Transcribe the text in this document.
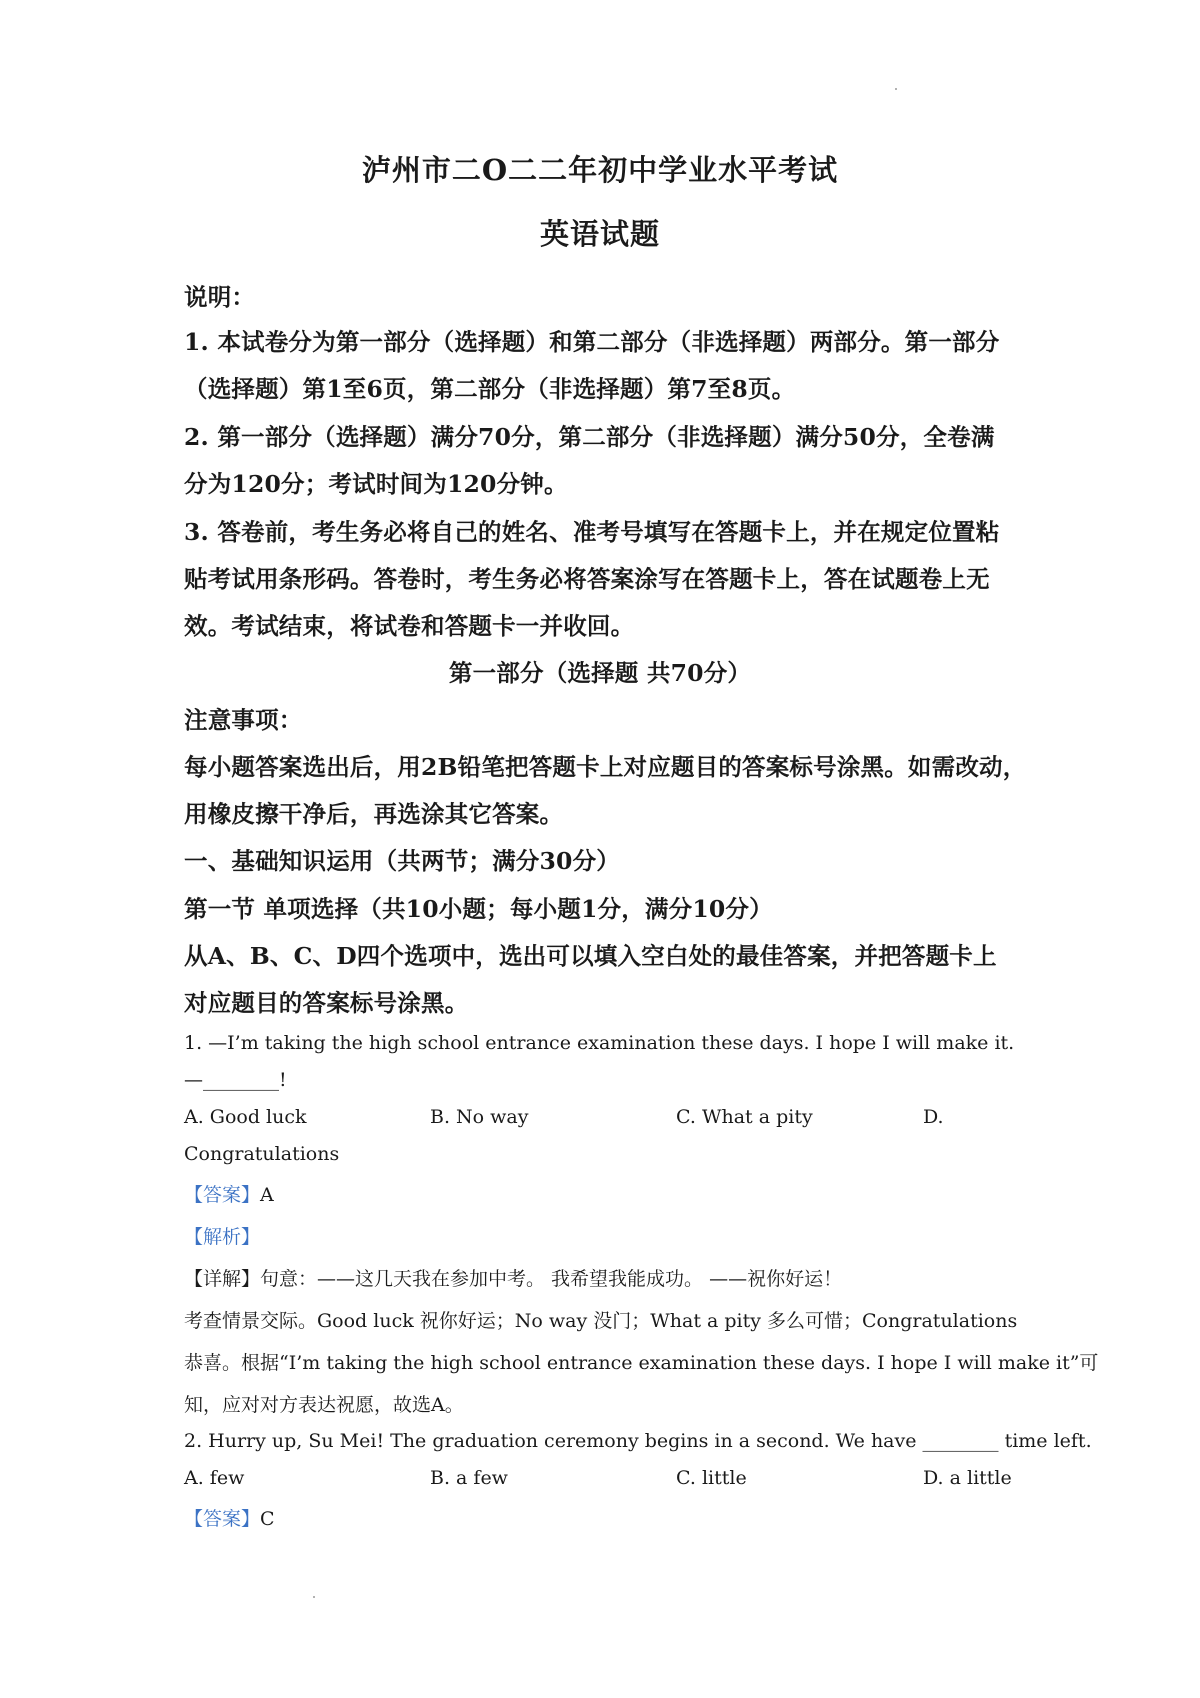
泸州市二O二二年初中学业水平考试
英语试题
说明：
1. 本试卷分为第一部分（选择题）和第二部分（非选择题）两部分。第一部分
（选择题）第1至6页，第二部分（非选择题）第7至8页。
2. 第一部分（选择题）满分70分，第二部分（非选择题）满分50分，全卷满
分为120分；考试时间为120分钟。
3. 答卷前，考生务必将自己的姓名、准考号填写在答题卡上，并在规定位置粘
贴考试用条形码。答卷时，考生务必将答案涂写在答题卡上，答在试题卷上无
效。考试结束，将试卷和答题卡一并收回。
第一部分（选择题 共70分）
注意事项：
每小题答案选出后，用2B铅笔把答题卡上对应题目的答案标号涂黑。如需改动，
用橡皮擦干净后，再选涂其它答案。
一、基础知识运用（共两节；满分30分）
第一节 单项选择（共10小题；每小题1分，满分10分）
从A、B、C、D四个选项中，选出可以填入空白处的最佳答案，并把答题卡上
对应题目的答案标号涂黑。
1. —I’m taking the high school entrance examination these days. I hope I will make it.
—________!
A. Good luck	B. No way	C. What a pity	D.
Congratulations
【答案】A
【解析】
【详解】句意：——这几天我在参加中考。 我希望我能成功。 ——祝你好运！
考查情景交际。Good luck 祝你好运；No way 没门；What a pity 多么可惜；Congratulations
恭喜。根据“I’m taking the high school entrance examination these days. I hope I will make it”可
知，应对对方表达祝愿，故选A。
2. Hurry up, Su Mei! The graduation ceremony begins in a second. We have ________ time left.
A. few	B. a few	C. little	D. a little
【答案】C
